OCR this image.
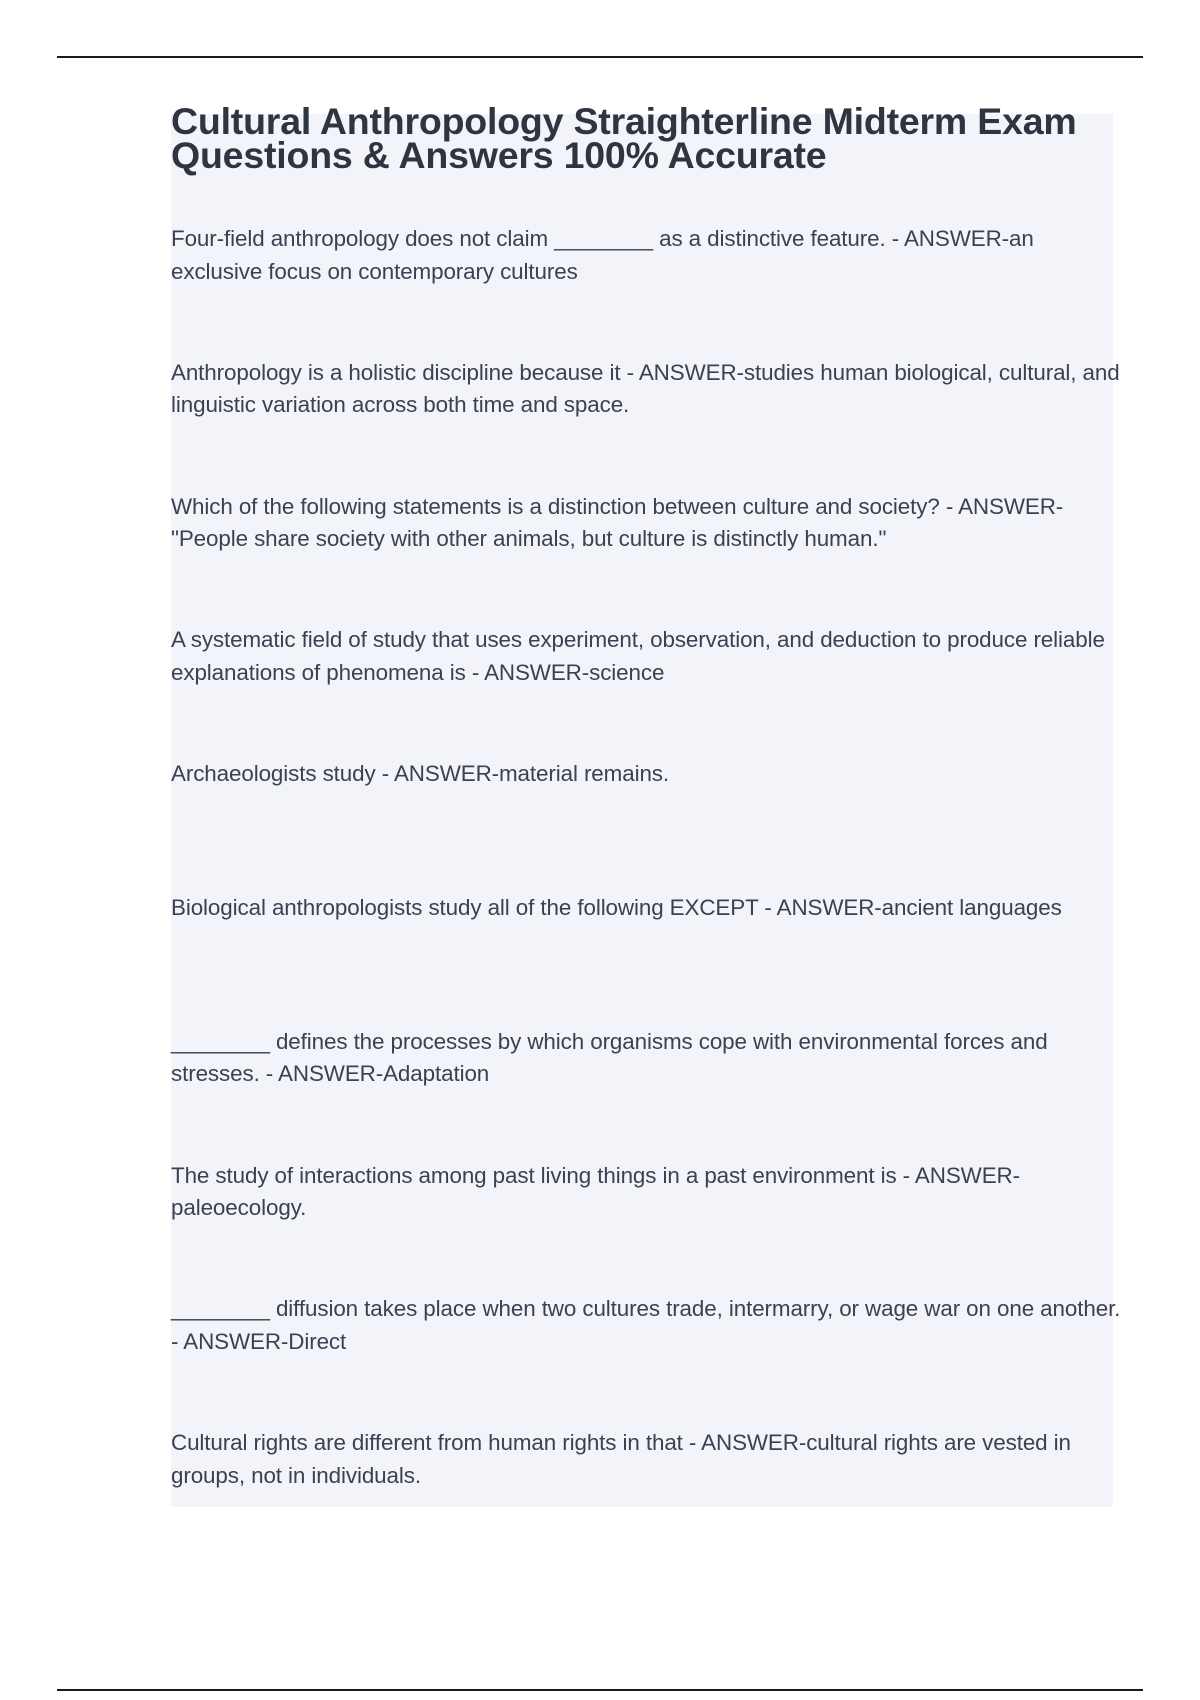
Cultural Anthropology Straighterline Midterm Exam Questions & Answers 100% Accurate

Four-field anthropology does not claim ________ as a distinctive feature. - ANSWER-an exclusive focus on contemporary cultures

Anthropology is a holistic discipline because it - ANSWER-studies human biological, cultural, and linguistic variation across both time and space.

Which of the following statements is a distinction between culture and society? - ANSWER-"People share society with other animals, but culture is distinctly human."

A systematic field of study that uses experiment, observation, and deduction to produce reliable explanations of phenomena is - ANSWER-science

Archaeologists study - ANSWER-material remains.

Biological anthropologists study all of the following EXCEPT - ANSWER-ancient languages

________ defines the processes by which organisms cope with environmental forces and stresses. - ANSWER-Adaptation

The study of interactions among past living things in a past environment is - ANSWER-paleoecology.

________ diffusion takes place when two cultures trade, intermarry, or wage war on one another. - ANSWER-Direct

Cultural rights are different from human rights in that - ANSWER-cultural rights are vested in groups, not in individuals.
